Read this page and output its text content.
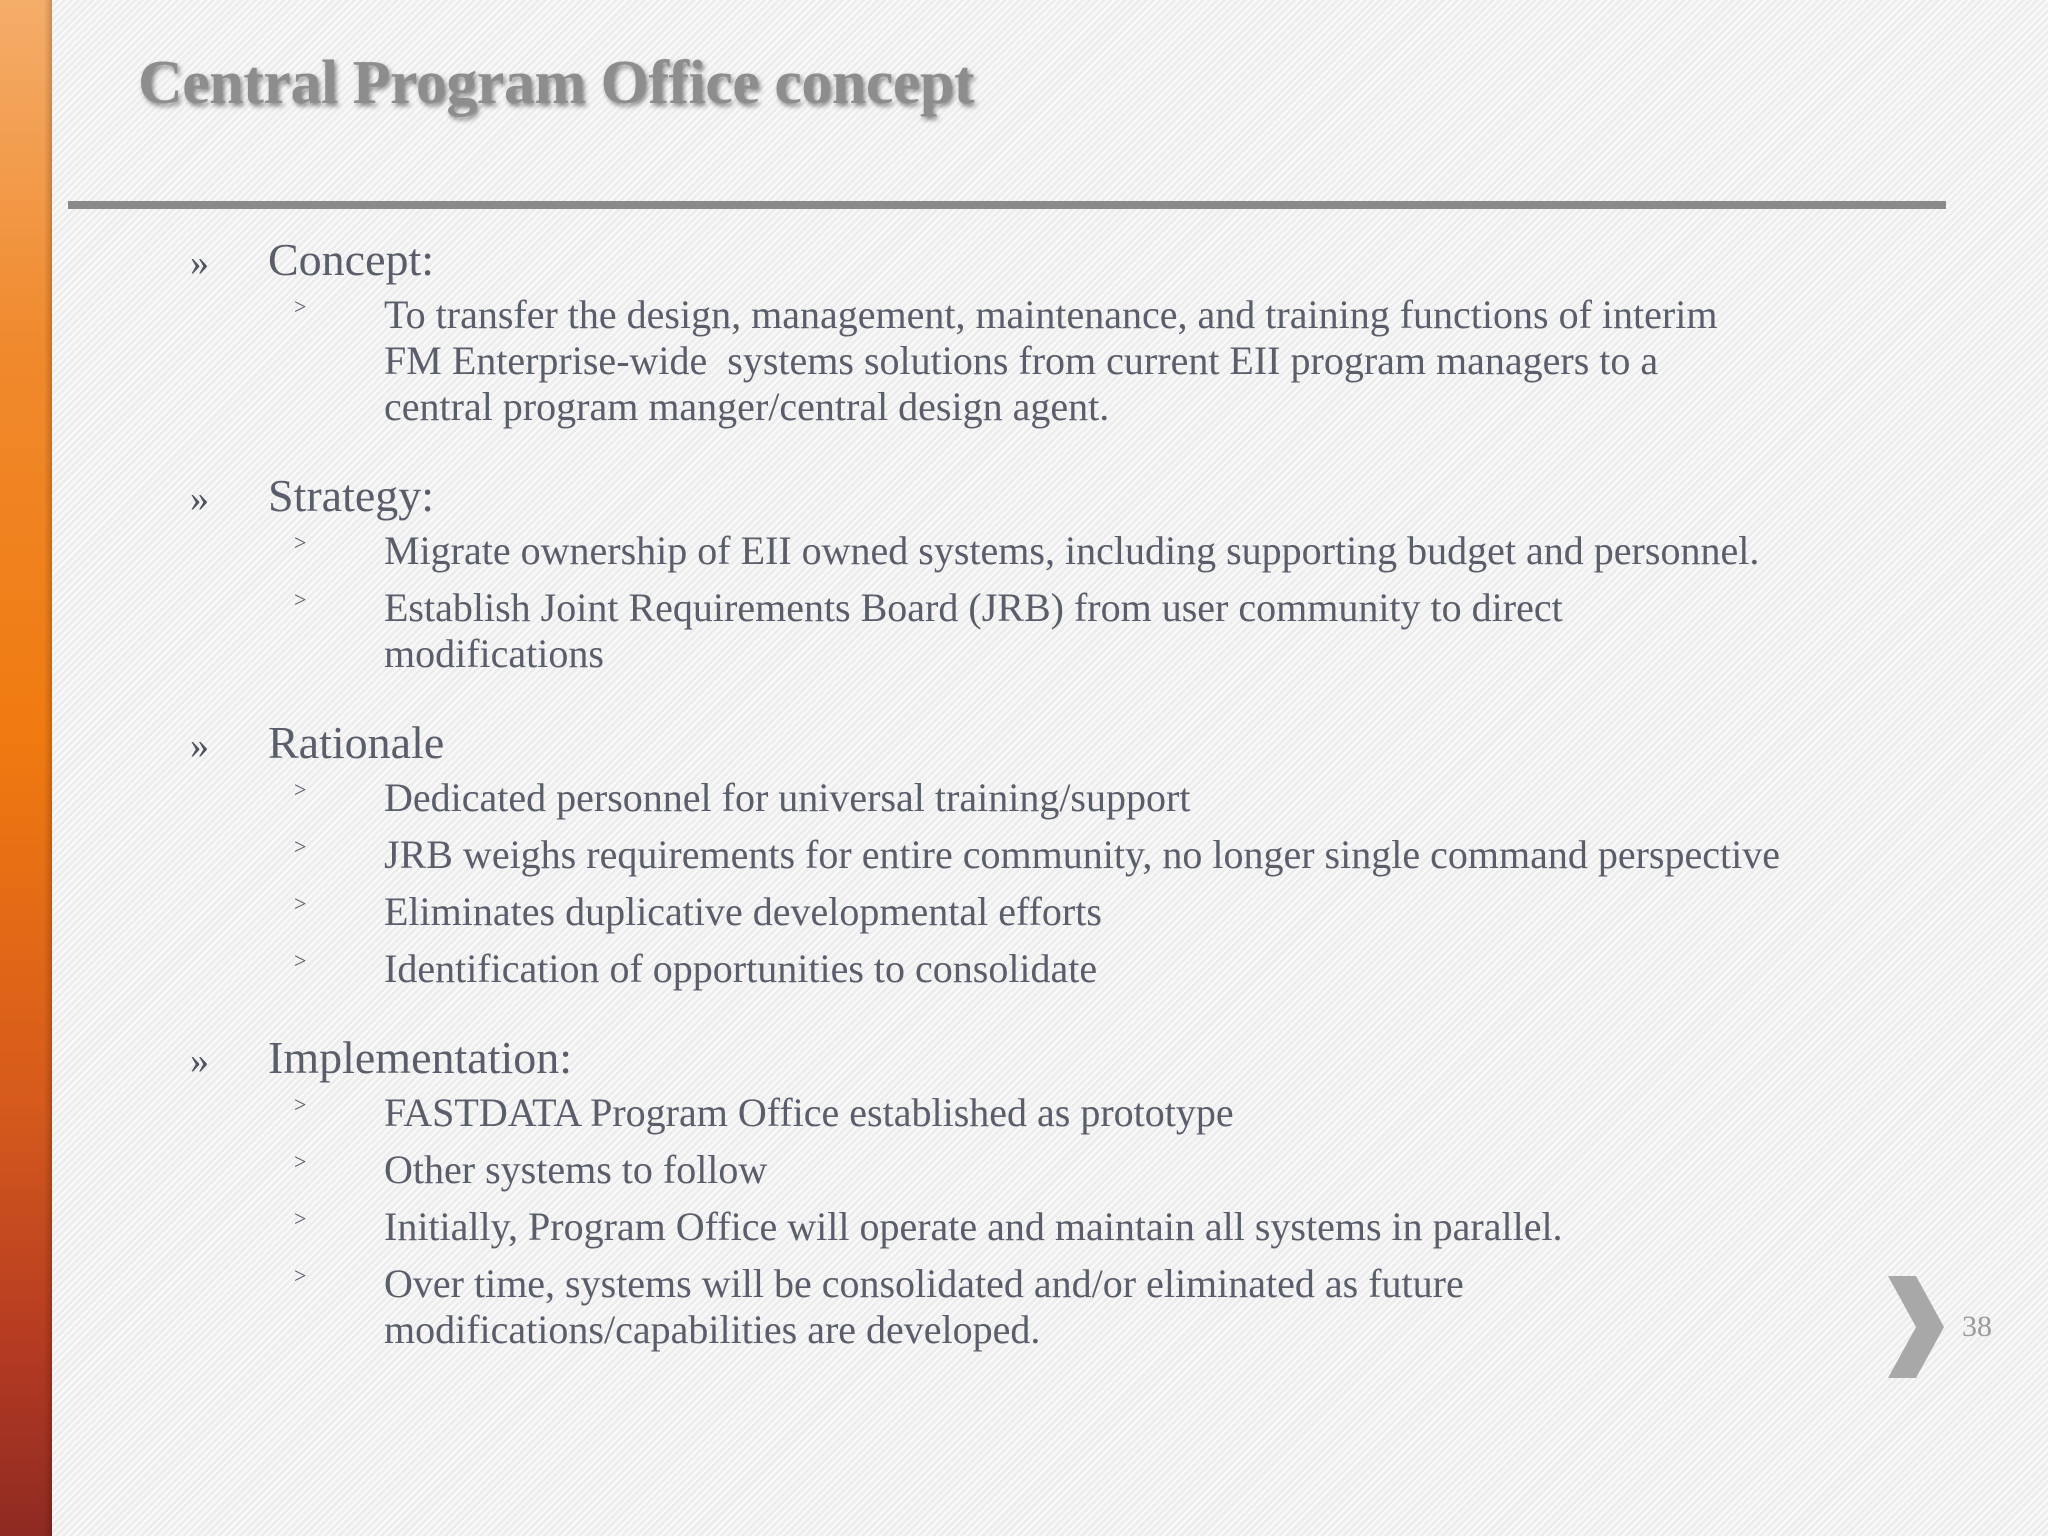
Central Program Office concept
»	Concept:
˃	To transfer the design, management, maintenance, and training functions of interim
FM Enterprise-wide  systems solutions from current EII program managers to a
central program manger/central design agent.
»	Strategy:
˃	Migrate ownership of EII owned systems, including supporting budget and personnel.
˃	Establish Joint Requirements Board (JRB) from user community to direct
modifications
»	Rationale
˃	Dedicated personnel for universal training/support
˃	JRB weighs requirements for entire community, no longer single command perspective
˃	Eliminates duplicative developmental efforts
˃	Identification of opportunities to consolidate
»	Implementation:
˃	FASTDATA Program Office established as prototype
˃	Other systems to follow
˃	Initially, Program Office will operate and maintain all systems in parallel.
˃	Over time, systems will be consolidated and/or eliminated as future
modifications/capabilities are developed.	38
